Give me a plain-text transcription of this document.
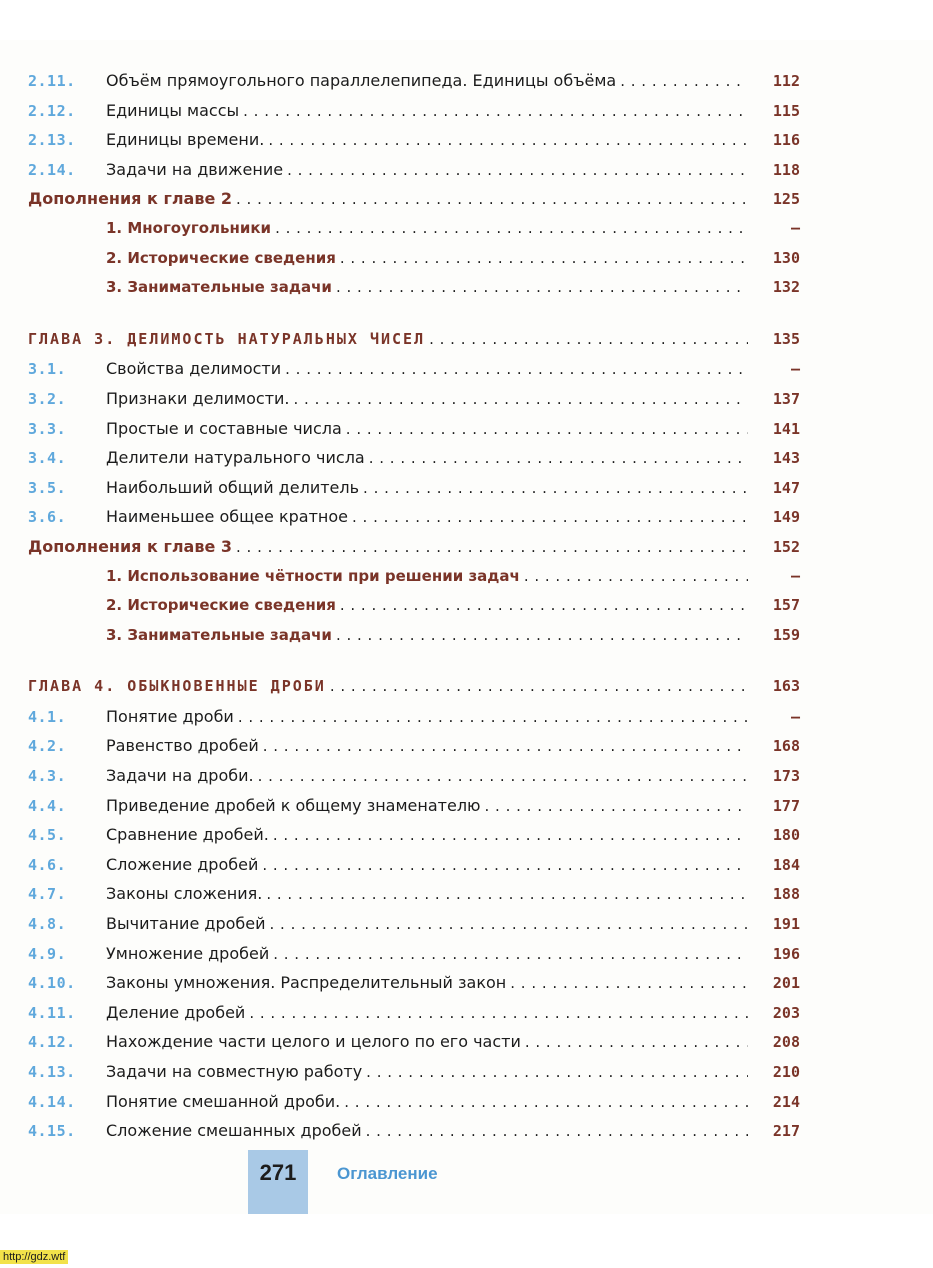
2.11.	Объём прямоугольного параллелепипеда. Единицы объёма . . .	112
2.12.	Единицы массы . . .	115
2.13.	Единицы времени. . . .	116
2.14.	Задачи на движение . . .	118
Дополнения к главе 2 . . .	125
1. Многоугольники . . .	—
2. Исторические сведения . . .	130
3. Занимательные задачи . . .	132
ГЛАВА 3. ДЕЛИМОСТЬ НАТУРАЛЬНЫХ ЧИСЕЛ . . .	135
3.1.	Свойства делимости . . .	—
3.2.	Признаки делимости. . . .	137
3.3.	Простые и составные числа . . .	141
3.4.	Делители натурального числа . . .	143
3.5.	Наибольший общий делитель . . .	147
3.6.	Наименьшее общее кратное . . .	149
Дополнения к главе 3 . . .	152
1. Использование чётности при решении задач . . .	—
2. Исторические сведения . . .	157
3. Занимательные задачи . . .	159
ГЛАВА 4. ОБЫКНОВЕННЫЕ ДРОБИ . . .	163
4.1.	Понятие дроби . . .	—
4.2.	Равенство дробей . . .	168
4.3.	Задачи на дроби. . . .	173
4.4.	Приведение дробей к общему знаменателю . . .	177
4.5.	Сравнение дробей. . . .	180
4.6.	Сложение дробей . . .	184
4.7.	Законы сложения. . . .	188
4.8.	Вычитание дробей . . .	191
4.9.	Умножение дробей . . .	196
4.10.	Законы умножения. Распределительный закон . . .	201
4.11.	Деление дробей . . .	203
4.12.	Нахождение части целого и целого по его части . . .	208
4.13.	Задачи на совместную работу . . .	210
4.14.	Понятие смешанной дроби. . . .	214
4.15.	Сложение смешанных дробей . . .	217
271	Оглавление
http://gdz.wtf
